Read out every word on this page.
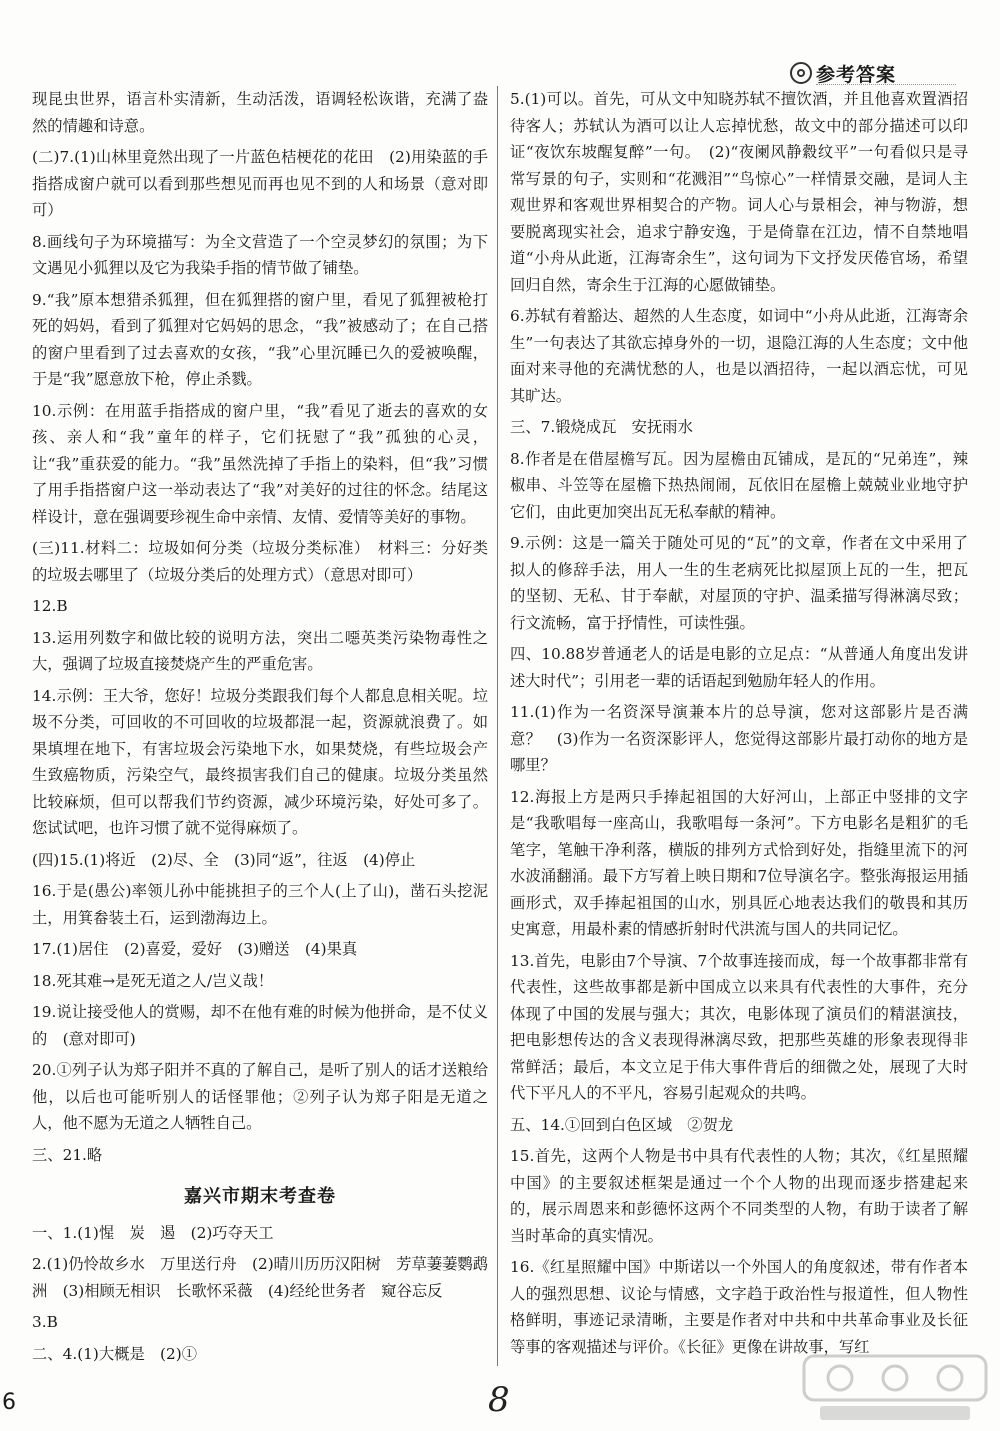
参考答案

现昆虫世界，语言朴实清新，生动活泼，语调轻松诙谐，充满了盎然的情趣和诗意。

(二)7.(1)山林里竟然出现了一片蓝色桔梗花的花田　(2)用染蓝的手指搭成窗户就可以看到那些想见而再也见不到的人和场景（意对即可）

8.画线句子为环境描写：为全文营造了一个空灵梦幻的氛围；为下文遇见小狐狸以及它为我染手指的情节做了铺垫。

9.“我”原本想猎杀狐狸，但在狐狸搭的窗户里，看见了狐狸被枪打死的妈妈，看到了狐狸对它妈妈的思念，“我”被感动了；在自己搭的窗户里看到了过去喜欢的女孩，“我”心里沉睡已久的爱被唤醒，于是“我”愿意放下枪，停止杀戮。

10.示例：在用蓝手指搭成的窗户里，“我”看见了逝去的喜欢的女孩、亲人和“我”童年的样子，它们抚慰了“我”孤独的心灵，让“我”重获爱的能力。“我”虽然洗掉了手指上的染料，但“我”习惯了用手指搭窗户这一举动表达了“我”对美好的过往的怀念。结尾这样设计，意在强调要珍视生命中亲情、友情、爱情等美好的事物。

(三)11.材料二：垃圾如何分类（垃圾分类标准）　材料三：分好类的垃圾去哪里了（垃圾分类后的处理方式）（意思对即可）

12.B

13.运用列数字和做比较的说明方法，突出二噁英类污染物毒性之大，强调了垃圾直接焚烧产生的严重危害。

14.示例：王大爷，您好！垃圾分类跟我们每个人都息息相关呢。垃圾不分类，可回收的不可回收的垃圾都混一起，资源就浪费了。如果填埋在地下，有害垃圾会污染地下水，如果焚烧，有些垃圾会产生致癌物质，污染空气，最终损害我们自己的健康。垃圾分类虽然比较麻烦，但可以帮我们节约资源，减少环境污染，好处可多了。您试试吧，也许习惯了就不觉得麻烦了。

(四)15.(1)将近　(2)尽、全　(3)同“返”，往返　(4)停止

16.于是(愚公)率领儿孙中能挑担子的三个人(上了山)，凿石头挖泥土，用箕畚装土石，运到渤海边上。

17.(1)居住　(2)喜爱，爱好　(3)赠送　(4)果真

18.死其难→是死无道之人/岂义哉！

19.说让接受他人的赏赐，却不在他有难的时候为他拼命，是不仗义的　(意对即可)

20.①列子认为郑子阳并不真的了解自己，是听了别人的话才送粮给他，以后也可能听别人的话怪罪他；②列子认为郑子阳是无道之人，他不愿为无道之人牺牲自己。

三、21.略

嘉兴市期末考查卷

一、1.(1)惺　炭　遏　(2)巧夺天工

2.(1)仍怜故乡水　万里送行舟　(2)晴川历历汉阳树　芳草萋萋鹦鹉洲　(3)相顾无相识　长歌怀采薇　(4)经纶世务者　窥谷忘反

3.B

二、4.(1)大概是　(2)①

5.(1)可以。首先，可从文中知晓苏轼不擅饮酒，并且他喜欢置酒招待客人；苏轼认为酒可以让人忘掉忧愁，故文中的部分描述可以印证“夜饮东坡醒复醉”一句。　(2)“夜阑风静縠纹平”一句看似只是寻常写景的句子，实则和“花溅泪”“鸟惊心”一样情景交融，是词人主观世界和客观世界相契合的产物。词人心与景相会，神与物游，想要脱离现实社会，追求宁静安逸，于是倚靠在江边，情不自禁地唱道“小舟从此逝，江海寄余生”，这句词为下文抒发厌倦官场，希望回归自然，寄余生于江海的心愿做铺垫。

6.苏轼有着豁达、超然的人生态度，如词中“小舟从此逝，江海寄余生”一句表达了其欲忘掉身外的一切，退隐江海的人生态度；文中他面对来寻他的充满忧愁的人，也是以酒招待，一起以酒忘忧，可见其旷达。

三、7.锻烧成瓦　安抚雨水

8.作者是在借屋檐写瓦。因为屋檐由瓦铺成，是瓦的“兄弟连”，辣椒串、斗笠等在屋檐下热热闹闹，瓦依旧在屋檐上兢兢业业地守护它们，由此更加突出瓦无私奉献的精神。

9.示例：这是一篇关于随处可见的“瓦”的文章，作者在文中采用了拟人的修辞手法，用人一生的生老病死比拟屋顶上瓦的一生，把瓦的坚韧、无私、甘于奉献，对屋顶的守护、温柔描写得淋漓尽致；行文流畅，富于抒情性，可读性强。

四、10.88岁普通老人的话是电影的立足点：“从普通人角度出发讲述大时代”；引用老一辈的话语起到勉励年轻人的作用。

11.(1)作为一名资深导演兼本片的总导演，您对这部影片是否满意？　(3)作为一名资深影评人，您觉得这部影片最打动你的地方是哪里？

12.海报上方是两只手捧起祖国的大好河山，上部正中竖排的文字是“我歌唱每一座高山，我歌唱每一条河”。下方电影名是粗犷的毛笔字，笔触干净利落，横版的排列方式恰到好处，指缝里流下的河水波涌翻涌。最下方写着上映日期和7位导演名字。整张海报运用插画形式，双手捧起祖国的山水，别具匠心地表达我们的敬畏和其历史寓意，用最朴素的情感折射时代洪流与国人的共同记忆。

13.首先，电影由7个导演、7个故事连接而成，每一个故事都非常有代表性，这些故事都是新中国成立以来具有代表性的大事件，充分体现了中国的发展与强大；其次，电影体现了演员们的精湛演技，把电影想传达的含义表现得淋漓尽致，把那些英雄的形象表现得非常鲜活；最后，本文立足于伟大事件背后的细微之处，展现了大时代下平凡人的不平凡，容易引起观众的共鸣。

五、14.①回到白色区域　②贺龙

15.首先，这两个人物是书中具有代表性的人物；其次，《红星照耀中国》的主要叙述框架是通过一个个人物的出现而逐步搭建起来的，展示周恩来和彭德怀这两个不同类型的人物，有助于读者了解当时革命的真实情况。

16.《红星照耀中国》中斯诺以一个外国人的角度叙述，带有作者本人的强烈思想、议论与情感，文字趋于政治性与报道性，但人物性格鲜明，事迹记录清晰，主要是作者对中共和中共革命事业及长征等事的客观描述与评价。《长征》更像在讲故事，写红

6	8
